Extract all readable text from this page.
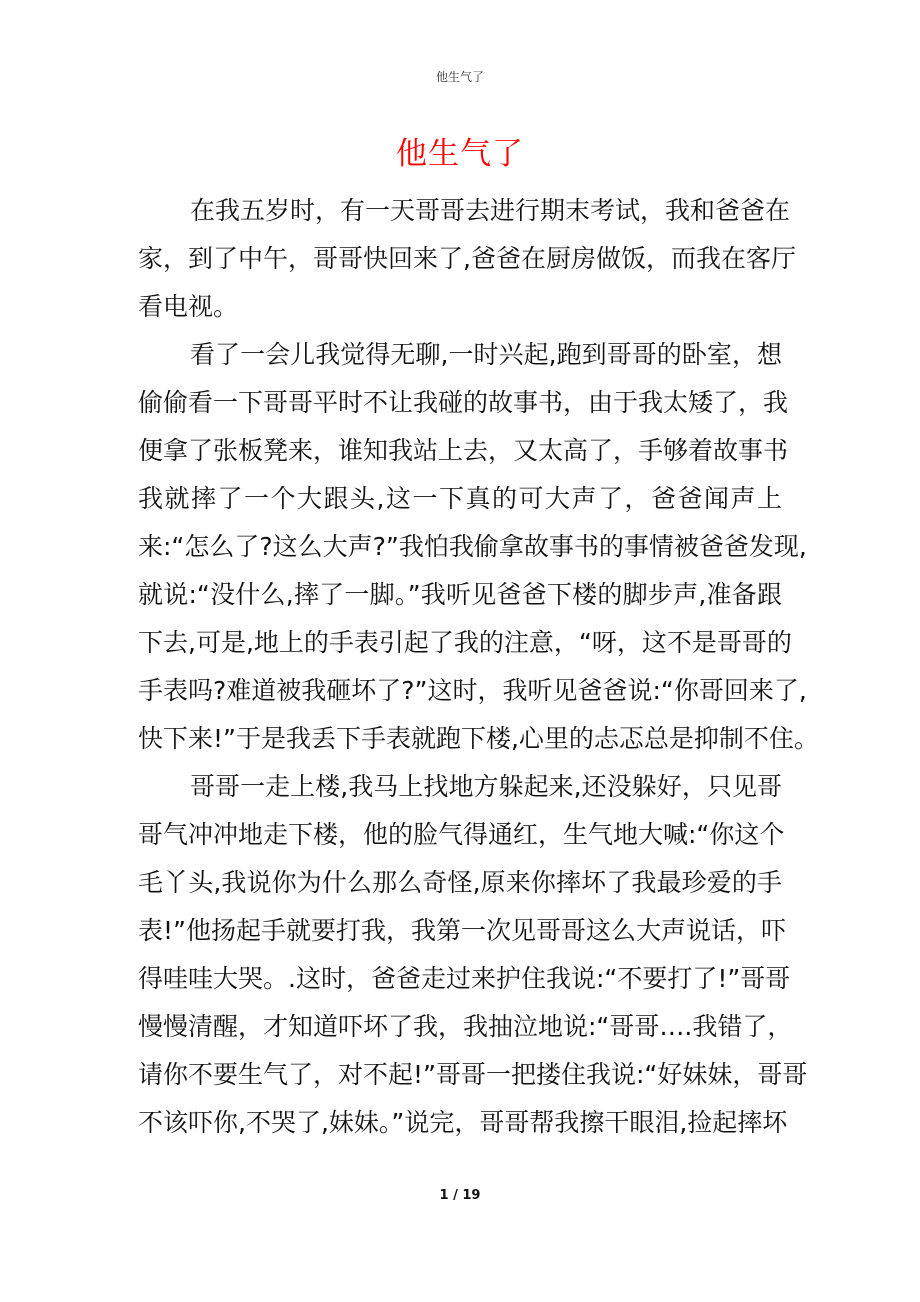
他生气了
他生气了
在我五岁时，有一天哥哥去进行期末考试，我和爸爸在
家，到了中午，哥哥快回来了,爸爸在厨房做饭，而我在客厅
看电视。
看了一会儿我觉得无聊,一时兴起,跑到哥哥的卧室，想
偷偷看一下哥哥平时不让我碰的故事书，由于我太矮了，我
便拿了张板凳来，谁知我站上去，又太高了，手够着故事书
我就摔了一个大跟头,这一下真的可大声了，爸爸闻声上
来:“怎么了?这么大声?”我怕我偷拿故事书的事情被爸爸发现,
就说:“没什么,摔了一脚。”我听见爸爸下楼的脚步声,准备跟
下去,可是,地上的手表引起了我的注意，“呀，这不是哥哥的
手表吗?难道被我砸坏了?”这时，我听见爸爸说:“你哥回来了,
快下来!”于是我丢下手表就跑下楼,心里的忐忑总是抑制不住。
哥哥一走上楼,我马上找地方躲起来,还没躲好，只见哥
哥气冲冲地走下楼，他的脸气得通红，生气地大喊:“你这个
毛丫头,我说你为什么那么奇怪,原来你摔坏了我最珍爱的手
表!”他扬起手就要打我，我第一次见哥哥这么大声说话，吓
得哇哇大哭。.这时，爸爸走过来护住我说:“不要打了!”哥哥
慢慢清醒，才知道吓坏了我，我抽泣地说:“哥哥….我错了，
请你不要生气了，对不起!”哥哥一把搂住我说:“好妹妹，哥哥
不该吓你,不哭了,妹妹。”说完，哥哥帮我擦干眼泪,捡起摔坏
1 / 19
